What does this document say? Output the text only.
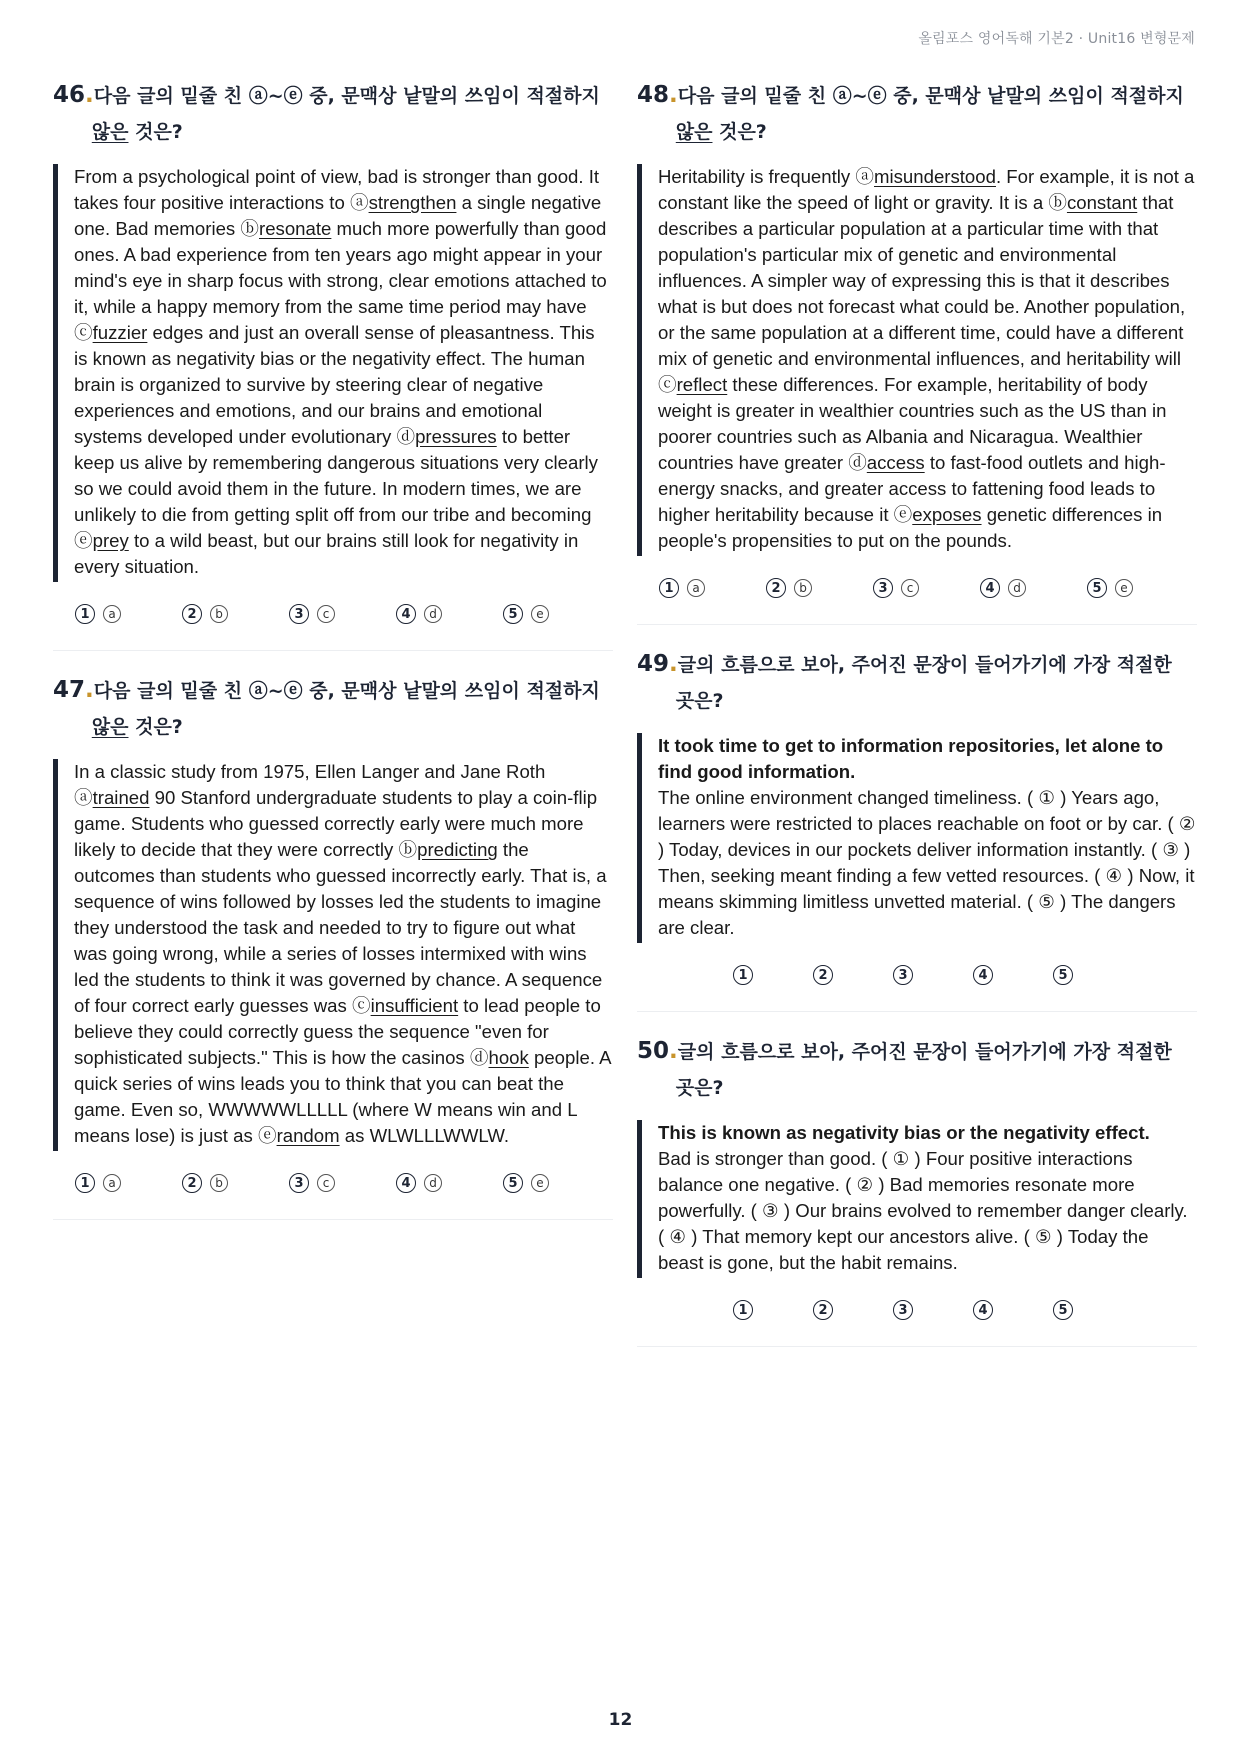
올림포스 영어독해 기본2 · Unit16 변형문제
46. 다음 글의 밑줄 친 ⓐ~ⓔ 중, 문맥상 낱말의 쓰임이 적절하지
않은 것은?
From a psychological point of view, bad is stronger than good. It takes four positive interactions to ⓐstrengthen a single negative one. Bad memories ⓑresonate much more powerfully than good ones. A bad experience from ten years ago might appear in your mind's eye in sharp focus with strong, clear emotions attached to it, while a happy memory from the same time period may have ⓒfuzzier edges and just an overall sense of pleasantness. This is known as negativity bias or the negativity effect. The human brain is organized to survive by steering clear of negative experiences and emotions, and our brains and emotional systems developed under evolutionary ⓓpressures to better keep us alive by remembering dangerous situations very clearly so we could avoid them in the future. In modern times, we are unlikely to die from getting split off from our tribe and becoming ⓔprey to a wild beast, but our brains still look for negativity in every situation.
1	a	2	b	3	c	4	d	5	e
47. 다음 글의 밑줄 친 ⓐ~ⓔ 중, 문맥상 낱말의 쓰임이 적절하지
않은 것은?
In a classic study from 1975, Ellen Langer and Jane Roth ⓐtrained 90 Stanford undergraduate students to play a coin-flip game. Students who guessed correctly early were much more likely to decide that they were correctly ⓑpredicting the outcomes than students who guessed incorrectly early. That is, a sequence of wins followed by losses led the students to imagine they understood the task and needed to try to figure out what was going wrong, while a series of losses intermixed with wins led the students to think it was governed by chance. A sequence of four correct early guesses was ⓒinsufficient to lead people to believe they could correctly guess the sequence "even for sophisticated subjects." This is how the casinos ⓓhook people. A quick series of wins leads you to think that you can beat the game. Even so, WWWWWLLLLL (where W means win and L means lose) is just as ⓔrandom as WLWLLLWWLW.
1	a	2	b	3	c	4	d	5	e
48. 다음 글의 밑줄 친 ⓐ~ⓔ 중, 문맥상 낱말의 쓰임이 적절하지
않은 것은?
Heritability is frequently ⓐmisunderstood. For example, it is not a constant like the speed of light or gravity. It is a ⓑconstant that describes a particular population at a particular time with that population's particular mix of genetic and environmental influences. A simpler way of expressing this is that it describes what is but does not forecast what could be. Another population, or the same population at a different time, could have a different mix of genetic and environmental influences, and heritability will ⓒreflect these differences. For example, heritability of body weight is greater in wealthier countries such as the US than in poorer countries such as Albania and Nicaragua. Wealthier countries have greater ⓓaccess to fast-food outlets and high-energy snacks, and greater access to fattening food leads to higher heritability because it ⓔexposes genetic differences in people's propensities to put on the pounds.
1	a	2	b	3	c	4	d	5	e
49. 글의 흐름으로 보아, 주어진 문장이 들어가기에 가장 적절한
곳은?
It took time to get to information repositories, let alone to find good information.
The online environment changed timeliness. ( ① ) Years ago, learners were restricted to places reachable on foot or by car. ( ② ) Today, devices in our pockets deliver information instantly. ( ③ ) Then, seeking meant finding a few vetted resources. ( ④ ) Now, it means skimming limitless unvetted material. ( ⑤ ) The dangers are clear.
1	2	3	4	5
50. 글의 흐름으로 보아, 주어진 문장이 들어가기에 가장 적절한
곳은?
This is known as negativity bias or the negativity effect.
Bad is stronger than good. ( ① ) Four positive interactions balance one negative. ( ② ) Bad memories resonate more powerfully. ( ③ ) Our brains evolved to remember danger clearly. ( ④ ) That memory kept our ancestors alive. ( ⑤ ) Today the beast is gone, but the habit remains.
1	2	3	4	5
12
